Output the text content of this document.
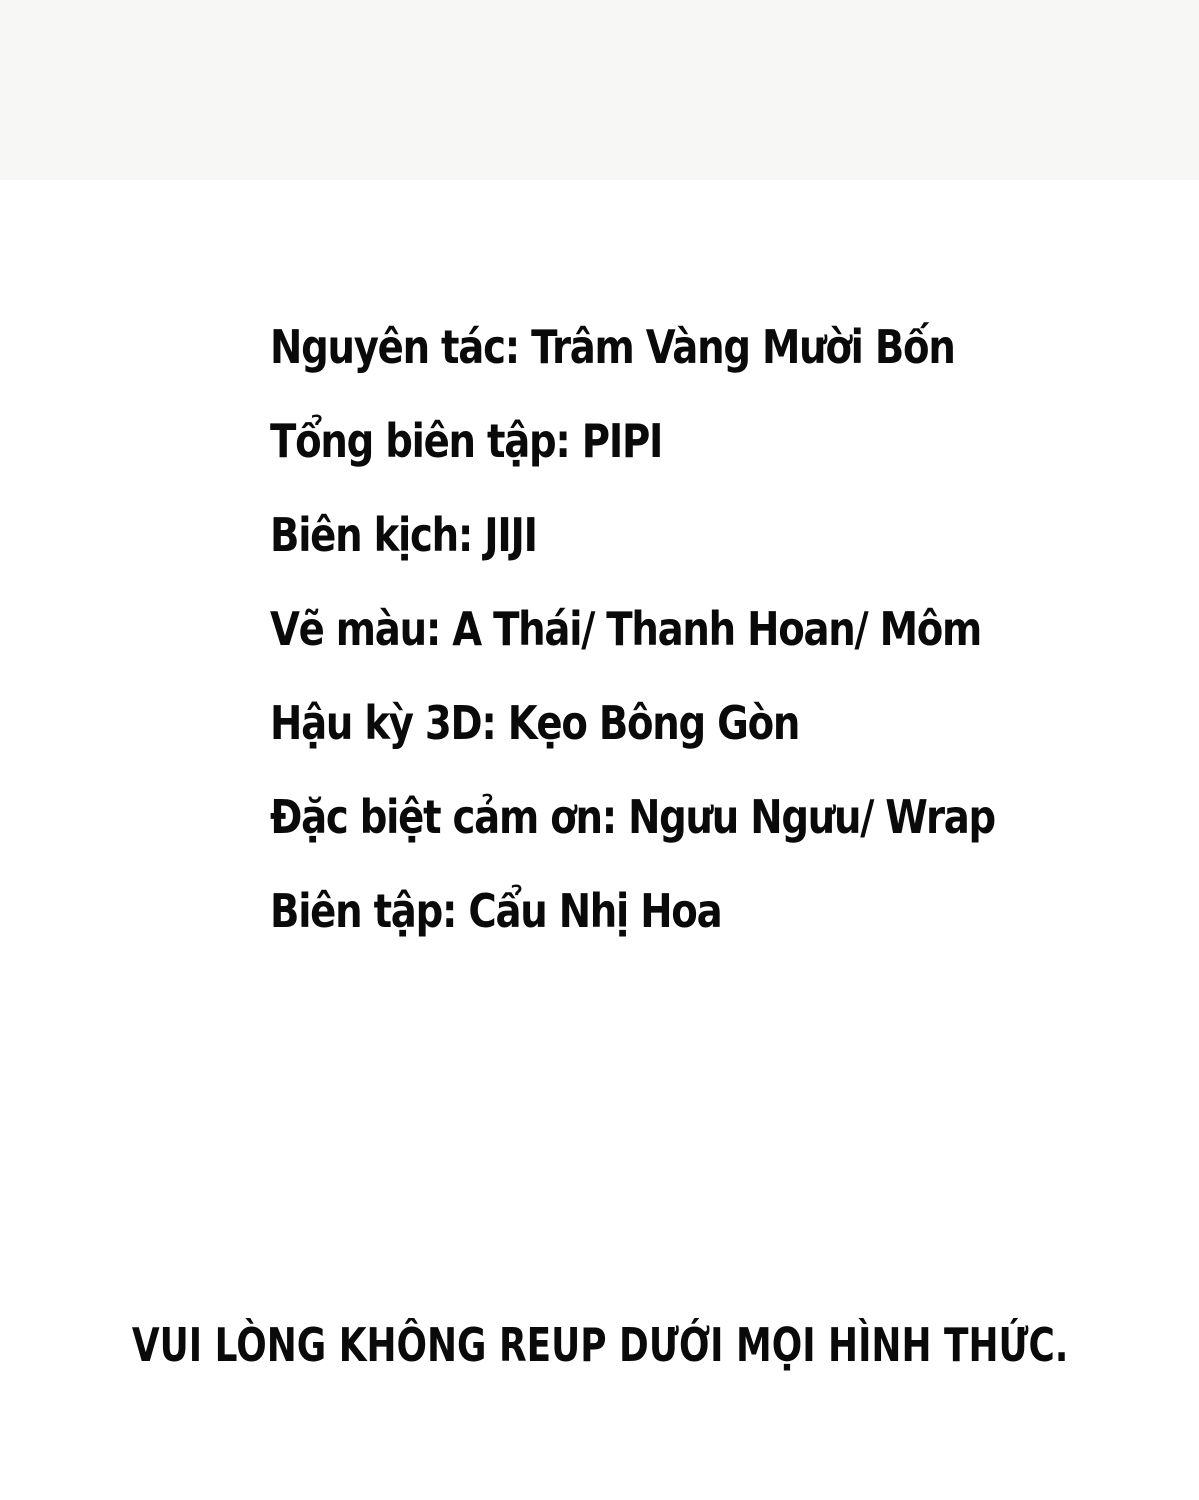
Nguyên tác: Trâm Vàng Mười Bốn
Tổng biên tập: PIPI
Biên kịch: JIJI
Vẽ màu: A Thái/ Thanh Hoan/ Môm
Hậu kỳ 3D: Kẹo Bông Gòn
Đặc biệt cảm ơn: Ngưu Ngưu/ Wrap
Biên tập: Cẩu Nhị Hoa
VUI LÒNG KHÔNG REUP DƯỚI MỌI HÌNH THỨC.
